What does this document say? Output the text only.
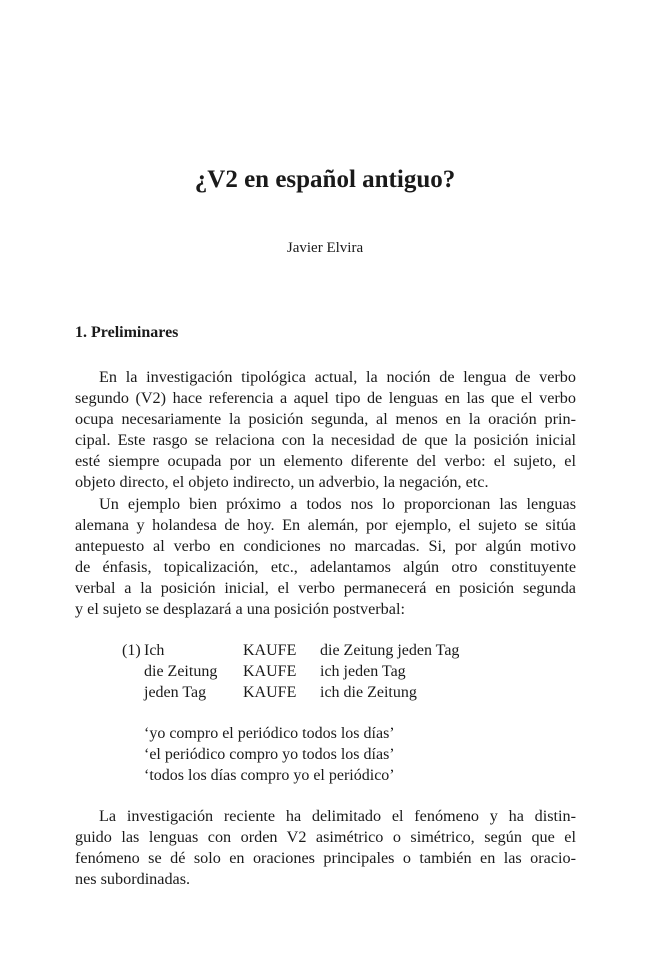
¿V2 en español antiguo?
Javier Elvira
1. Preliminares

En la investigación tipológica actual, la noción de lengua de verbo
segundo (V2) hace referencia a aquel tipo de lenguas en las que el verbo
ocupa necesariamente la posición segunda, al menos en la oración prin-
cipal. Este rasgo se relaciona con la necesidad de que la posición inicial
esté siempre ocupada por un elemento diferente del verbo: el sujeto, el
objeto directo, el objeto indirecto, un adverbio, la negación, etc.

Un ejemplo bien próximo a todos nos lo proporcionan las lenguas
alemana y holandesa de hoy. En alemán, por ejemplo, el sujeto se sitúa
antepuesto al verbo en condiciones no marcadas. Si, por algún motivo
de énfasis, topicalización, etc., adelantamos algún otro constituyente
verbal a la posición inicial, el verbo permanecerá en posición segunda
y el sujeto se desplazará a una posición postverbal:

(1) Ich	KAUFE die Zeitung jeden Tag
die Zeitung KAUFE ich jeden Tag
jeden Tag KAUFE ich die Zeitung
‘yo compro el periódico todos los días’
‘el periódico compro yo todos los días’
‘todos los días compro yo el periódico’

La investigación reciente ha delimitado el fenómeno y ha distin-
guido las lenguas con orden V2 asimétrico o simétrico, según que el
fenómeno se dé solo en oraciones principales o también en las oracio-
nes subordinadas.
